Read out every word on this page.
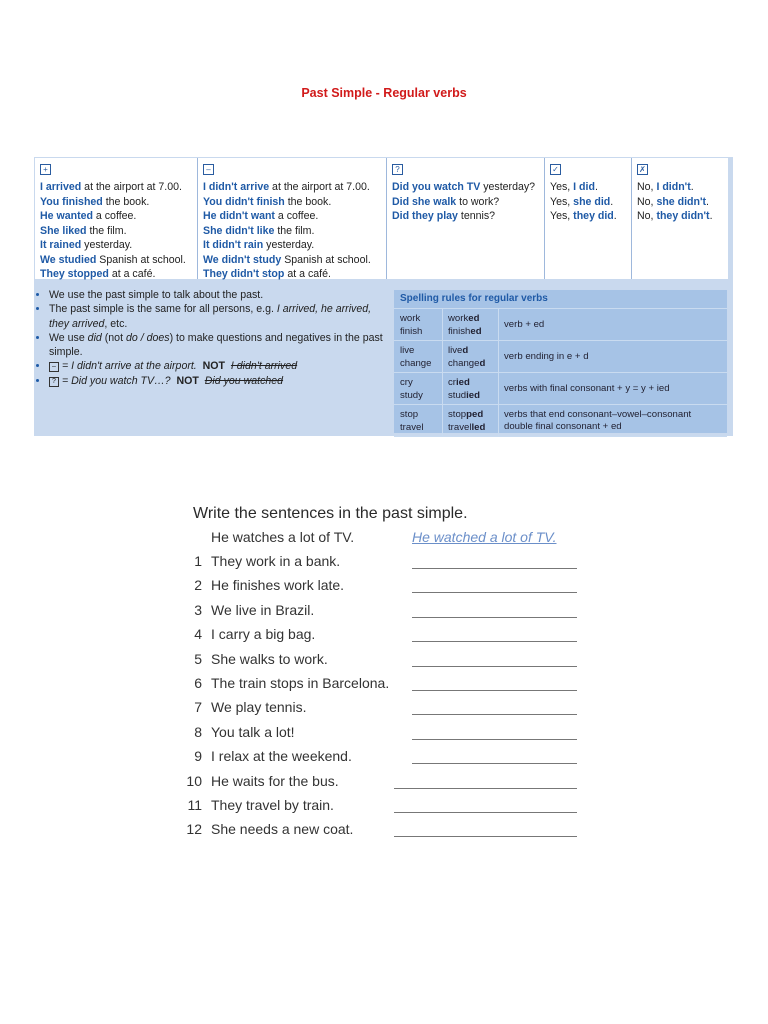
Past Simple - Regular verbs
+
I arrived at the airport at 7.00.
You finished the book.
He wanted a coffee.
She liked the film.
It rained yesterday.
We studied Spanish at school.
They stopped at a café.
–
I didn't arrive at the airport at 7.00.
You didn't finish the book.
He didn't want a coffee.
She didn't like the film.
It didn't rain yesterday.
We didn't study Spanish at school.
They didn't stop at a café.
?
Did you watch TV yesterday?
Did she walk to work?
Did they play tennis?
✓
Yes, I did.
Yes, she did.
Yes, they did.
✗
No, I didn't.
No, she didn't.
No, they didn't.
• We use the past simple to talk about the past.
• The past simple is the same for all persons, e.g. I arrived, he arrived, they arrived, etc.
• We use did (not do / does) to make questions and negatives in the past simple.
• – = I didn't arrive at the airport. NOT I didn't arrived
• ? = Did you watch TV…? NOT Did you watched
Spelling rules for regular verbs
work
finish
worked
finished
verb + ed
live
change
lived
changed
verb ending in e + d
cry
study
cried
studied
verbs with final consonant + y = y + ied
stop
travel
stopped
travelled
verbs that end consonant–vowel–consonant
double final consonant + ed
Write the sentences in the past simple.
He watches a lot of TV.	He watched a lot of TV.
1 They work in a bank.
2 He finishes work late.
3 We live in Brazil.
4 I carry a big bag.
5 She walks to work.
6 The train stops in Barcelona.
7 We play tennis.
8 You talk a lot!
9 I relax at the weekend.
10 He waits for the bus.
11 They travel by train.
12 She needs a new coat.
